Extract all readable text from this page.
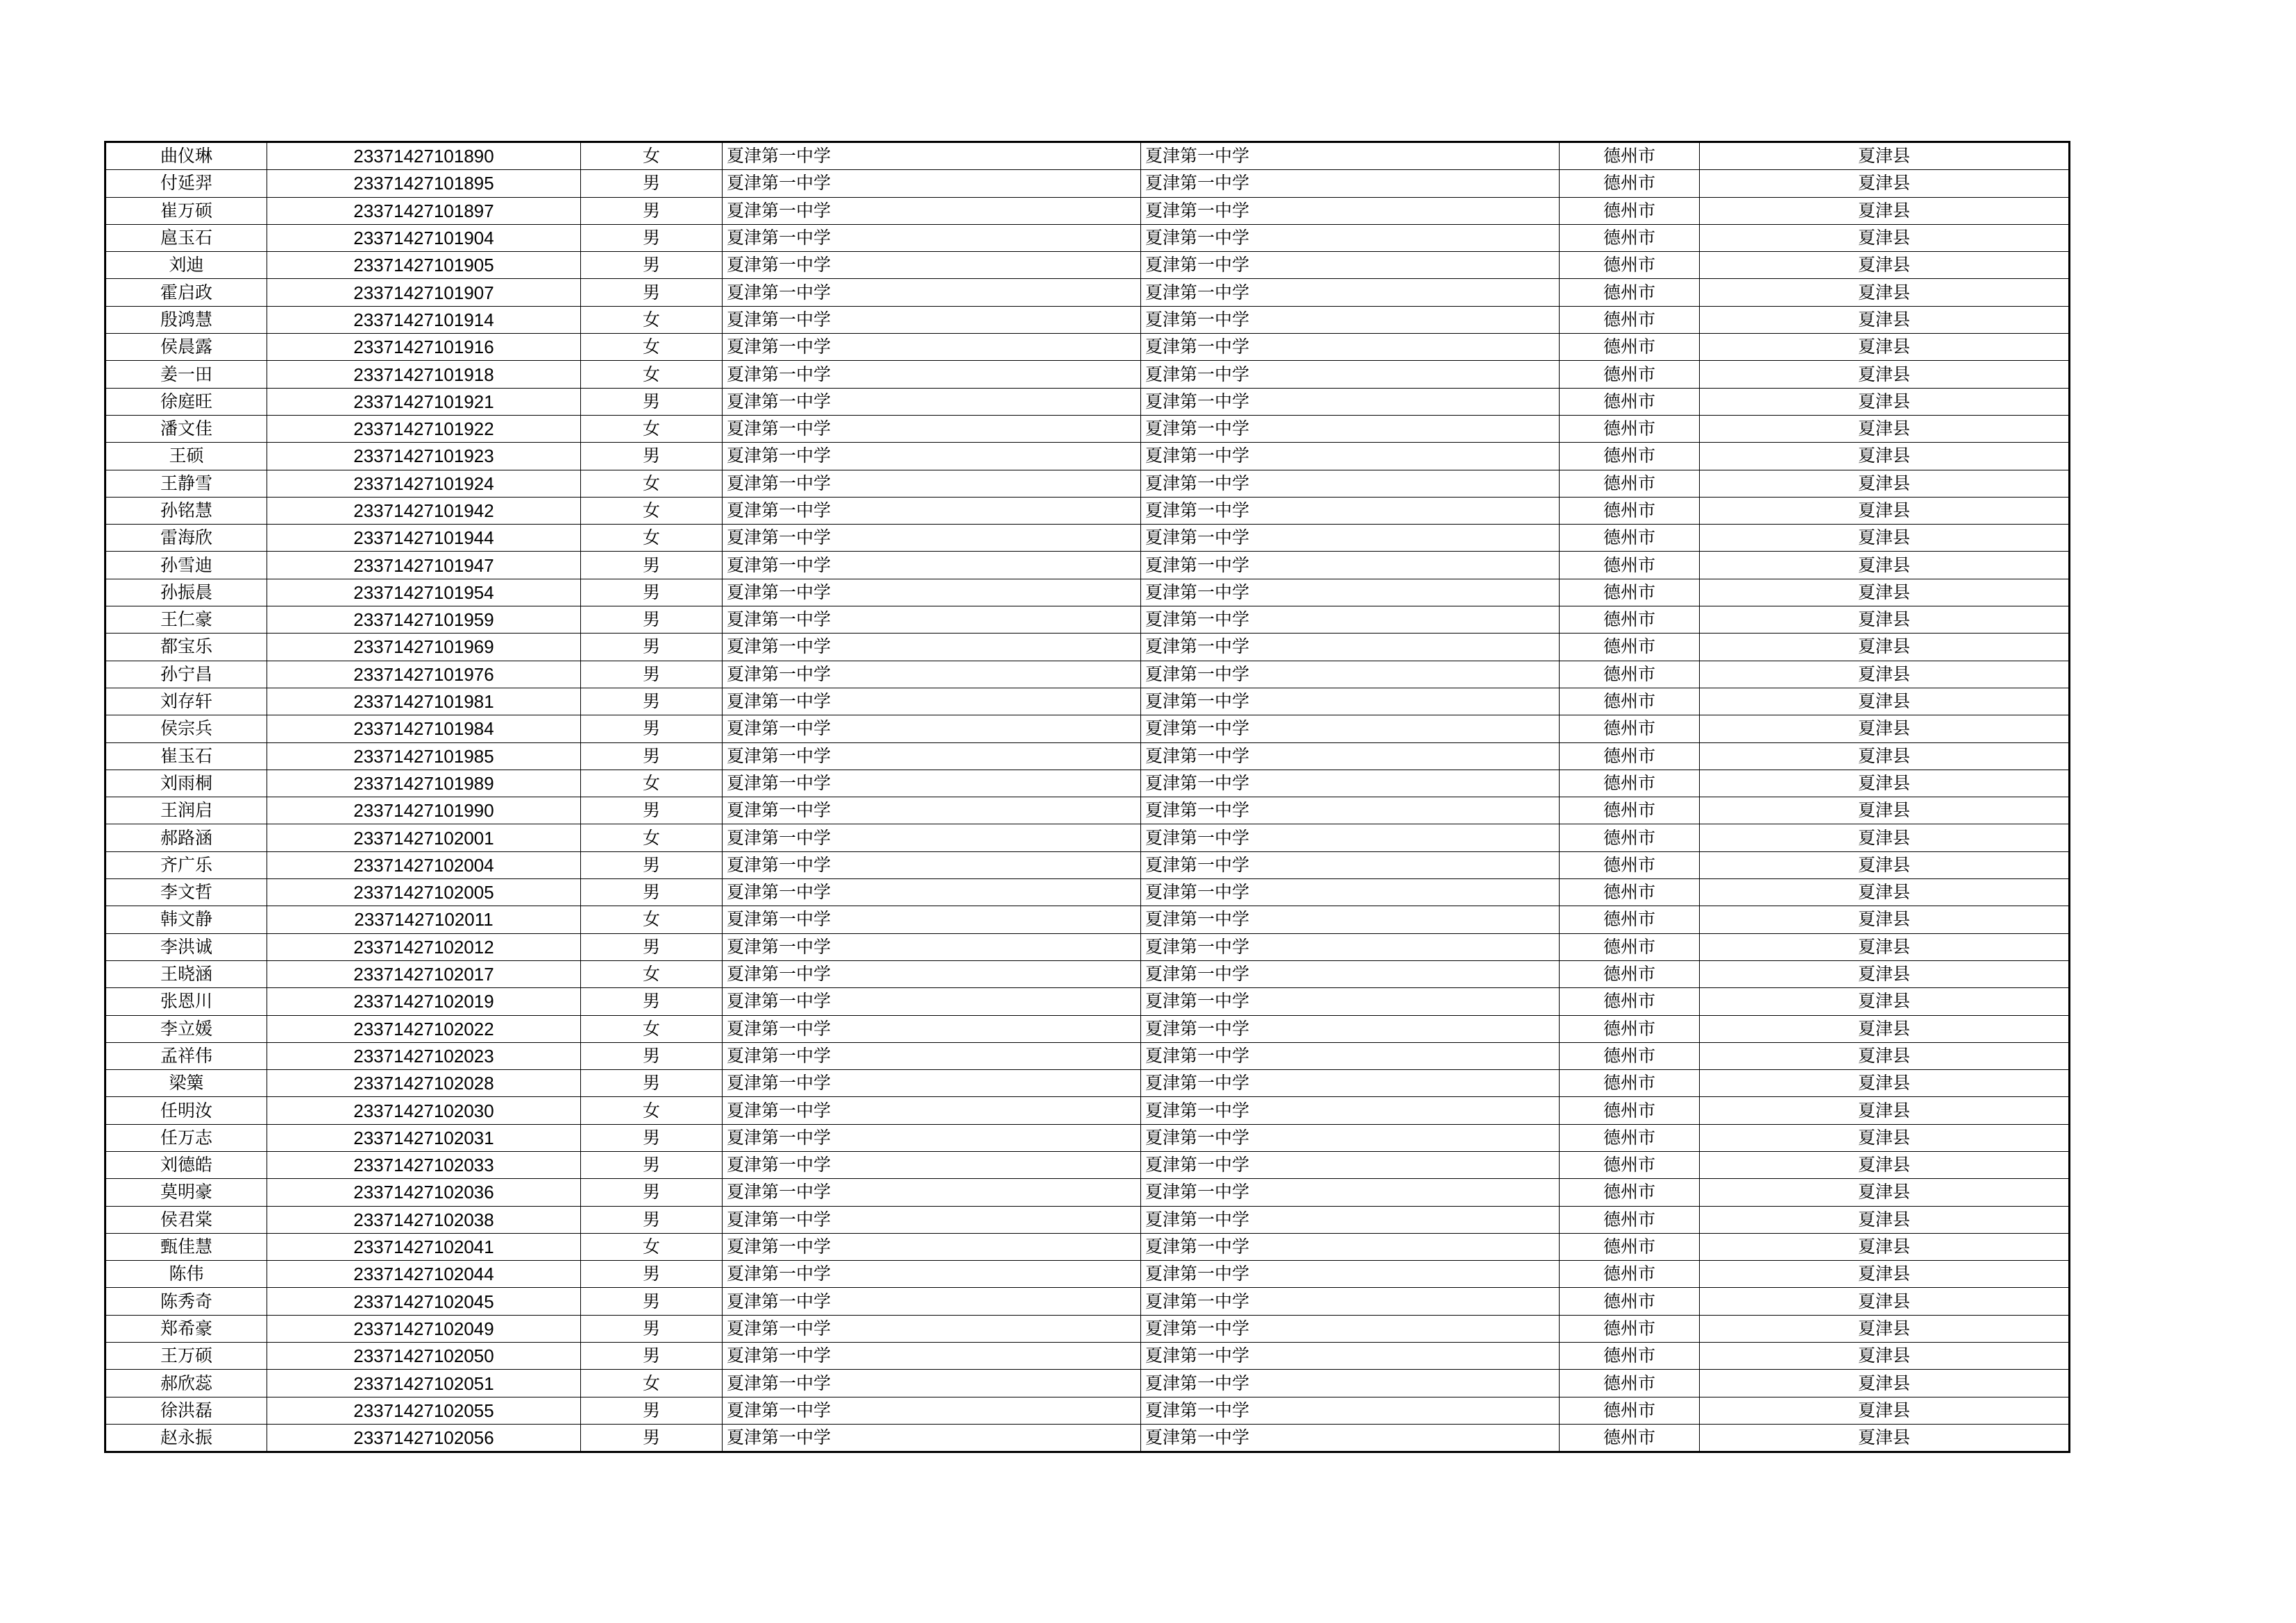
曲仪琳	23371427101890	女	夏津第一中学	夏津第一中学	德州市	夏津县
付延羿	23371427101895	男	夏津第一中学	夏津第一中学	德州市	夏津县
崔万硕	23371427101897	男	夏津第一中学	夏津第一中学	德州市	夏津县
扈玉石	23371427101904	男	夏津第一中学	夏津第一中学	德州市	夏津县
刘迪	23371427101905	男	夏津第一中学	夏津第一中学	德州市	夏津县
霍启政	23371427101907	男	夏津第一中学	夏津第一中学	德州市	夏津县
殷鸿慧	23371427101914	女	夏津第一中学	夏津第一中学	德州市	夏津县
侯晨露	23371427101916	女	夏津第一中学	夏津第一中学	德州市	夏津县
姜一田	23371427101918	女	夏津第一中学	夏津第一中学	德州市	夏津县
徐庭旺	23371427101921	男	夏津第一中学	夏津第一中学	德州市	夏津县
潘文佳	23371427101922	女	夏津第一中学	夏津第一中学	德州市	夏津县
王硕	23371427101923	男	夏津第一中学	夏津第一中学	德州市	夏津县
王静雪	23371427101924	女	夏津第一中学	夏津第一中学	德州市	夏津县
孙铭慧	23371427101942	女	夏津第一中学	夏津第一中学	德州市	夏津县
雷海欣	23371427101944	女	夏津第一中学	夏津第一中学	德州市	夏津县
孙雪迪	23371427101947	男	夏津第一中学	夏津第一中学	德州市	夏津县
孙振晨	23371427101954	男	夏津第一中学	夏津第一中学	德州市	夏津县
王仁豪	23371427101959	男	夏津第一中学	夏津第一中学	德州市	夏津县
都宝乐	23371427101969	男	夏津第一中学	夏津第一中学	德州市	夏津县
孙宁昌	23371427101976	男	夏津第一中学	夏津第一中学	德州市	夏津县
刘存轩	23371427101981	男	夏津第一中学	夏津第一中学	德州市	夏津县
侯宗兵	23371427101984	男	夏津第一中学	夏津第一中学	德州市	夏津县
崔玉石	23371427101985	男	夏津第一中学	夏津第一中学	德州市	夏津县
刘雨桐	23371427101989	女	夏津第一中学	夏津第一中学	德州市	夏津县
王润启	23371427101990	男	夏津第一中学	夏津第一中学	德州市	夏津县
郝路涵	23371427102001	女	夏津第一中学	夏津第一中学	德州市	夏津县
齐广乐	23371427102004	男	夏津第一中学	夏津第一中学	德州市	夏津县
李文哲	23371427102005	男	夏津第一中学	夏津第一中学	德州市	夏津县
韩文静	23371427102011	女	夏津第一中学	夏津第一中学	德州市	夏津县
李洪诚	23371427102012	男	夏津第一中学	夏津第一中学	德州市	夏津县
王晓涵	23371427102017	女	夏津第一中学	夏津第一中学	德州市	夏津县
张恩川	23371427102019	男	夏津第一中学	夏津第一中学	德州市	夏津县
李立媛	23371427102022	女	夏津第一中学	夏津第一中学	德州市	夏津县
孟祥伟	23371427102023	男	夏津第一中学	夏津第一中学	德州市	夏津县
梁篥	23371427102028	男	夏津第一中学	夏津第一中学	德州市	夏津县
任明汝	23371427102030	女	夏津第一中学	夏津第一中学	德州市	夏津县
任万志	23371427102031	男	夏津第一中学	夏津第一中学	德州市	夏津县
刘德皓	23371427102033	男	夏津第一中学	夏津第一中学	德州市	夏津县
莫明豪	23371427102036	男	夏津第一中学	夏津第一中学	德州市	夏津县
侯君棠	23371427102038	男	夏津第一中学	夏津第一中学	德州市	夏津县
甄佳慧	23371427102041	女	夏津第一中学	夏津第一中学	德州市	夏津县
陈伟	23371427102044	男	夏津第一中学	夏津第一中学	德州市	夏津县
陈秀奇	23371427102045	男	夏津第一中学	夏津第一中学	德州市	夏津县
郑希豪	23371427102049	男	夏津第一中学	夏津第一中学	德州市	夏津县
王万硕	23371427102050	男	夏津第一中学	夏津第一中学	德州市	夏津县
郝欣蕊	23371427102051	女	夏津第一中学	夏津第一中学	德州市	夏津县
徐洪磊	23371427102055	男	夏津第一中学	夏津第一中学	德州市	夏津县
赵永振	23371427102056	男	夏津第一中学	夏津第一中学	德州市	夏津县
